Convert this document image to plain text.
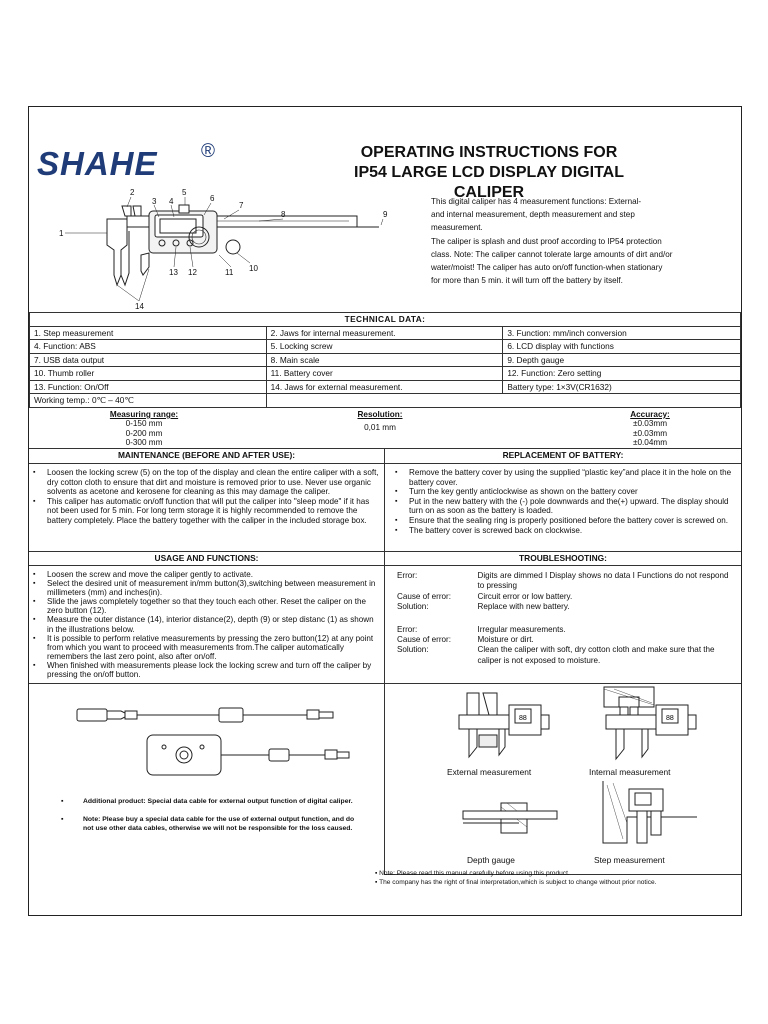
SHAHE ®	OPERATING INSTRUCTIONS FOR
IP54 LARGE LCD DISPLAY DIGITAL CALIPER
1
2
3 4
5
6
7
8	9
10
11
12
13
14
This digital caliper has 4 measurement functions: External-
and internal measurement, depth measurement and step
measurement.
The caliper is splash and dust proof according to IP54 protection
class. Note: The caliper cannot tolerate large amounts of dirt and/or
water/moist! The caliper has auto on/off function-when stationary
for more than 5 min. it will turn off the battery by itself.
TECHNICAL DATA:		
1. Step measurement	2. Jaws for internal measurement.	3. Function: mm/inch conversion
4. Function: ABS	5. Locking screw	6. LCD display with functions
7. USB data output	8. Main scale	9. Depth gauge
10. Thumb roller	11. Battery cover	12. Function: Zero setting
13. Function: On/Off	14. Jaws for external measurement.	Battery type: 1×3V(CR1632)
Working temp.: 0℃ – 40℃		
Measuring range:
0-150 mm
0-200 mm
0-300 mm
Resolution:
0,01 mm
Accuracy:
±0.03mm
±0.03mm
±0.04mm
MAINTENANCE (BEFORE AND AFTER USE):
▪ Loosen the locking screw (5) on the top of the display and clean the entire caliper with a soft, dry cotton cloth to ensure that dirt and moisture is removed prior to use. Never use organic solvents as acetone and kerosene for cleaning as this may damage the caliper.
▪ This caliper has automatic on/off function that will put the caliper into "sleep mode" if it has not been used for 5 min. For long term storage it is highly recommended to remove the battery completely. Place the battery together with the caliper in the included storage box.
REPLACEMENT OF BATTERY:
▪ Remove the battery cover by using the supplied “plastic key”and place it in the hole on the battery cover.
▪ Turn the key gently anticlockwise as shown on the battery cover
▪ Put in the new battery with the (-) pole downwards and the(+) upward. The display should turn on as soon as the battery is loaded.
▪ Ensure that the sealing ring is properly positioned before the battery cover is screwed on.
▪ The battery cover is screwed back on clockwise.
USAGE AND FUNCTIONS:
▪ Loosen the screw and move the caliper gently to activate.
▪ Select the desired unit of measurement in/mm button(3),switching between measurement in millimeters (mm) and inches(in).
▪ Slide the jaws completely together so that they touch each other. Reset the caliper on the zero button (12).
▪ Measure the outer distance (14), interior distance(2), depth (9) or step distanc (1) as shown in the illustrations below.
▪ It is possible to perform relative measurements by pressing the zero button(12) at any point from which you want to proceed with measurements from.The caliper automatically remembers the last zero point, also after on/off.
▪ When finished with measurements please lock the locking screw and turn off the caliper by pressing the on/off button.
TROUBLESHOOTING:
Error:	Digits are dimmed I Display shows no data I Functions do not respond to pressing
Cause of error:	Circuit error or low battery.
Solution:	Replace with new battery.
Error:	Irregular measurements.
Cause of error:	Moisture or dirt.
Solution:	Clean the caliper with soft, dry cotton cloth and make sure that the caliper is not exposed to moisture.
▪ Additional product: Special data cable for external output function of digital caliper.
▪ Note: Please buy a special data cable for the use of external output function, and do not use other data cables, otherwise we will not be responsible for the loss caused.
88
External measurement
88
Internal measurement
Depth gauge	Step measurement
▪ Note: Please read this manual carefully before using this product.
▪ The company has the right of final interpretation,which is subject to change without prior notice.
